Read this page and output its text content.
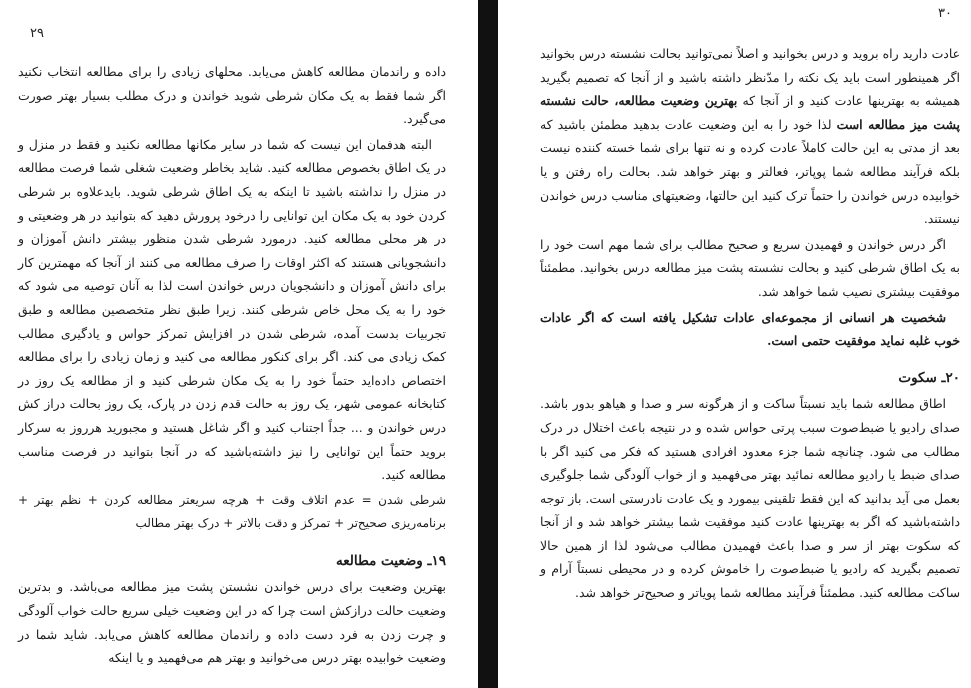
۲۹

داده و راندمان مطالعه کاهش می‌یابد. محلهای زیادی را برای مطالعه انتخاب نکنید اگر شما فقط به یک مکان شرطی شوید خواندن و درک مطلب بسیار بهتر صورت می‌گیرد.

البته هدفمان این نیست که شما در سایر مکانها مطالعه نکنید و فقط در منزل و در یک اطاق بخصوص مطالعه کنید. شاید بخاطر وضعیت شغلی شما فرصت مطالعه در منزل را نداشته باشید تا اینکه به یک اطاق شرطی شوید. بایدعلاوه بر شرطی کردن خود به یک مکان این توانایی را درخود پرورش دهید که بتوانید در هر وضعیتی و در هر محلی مطالعه کنید. درمورد شرطی شدن منظور بیشتر دانش آموزان و دانشجویانی هستند که اکثر اوقات را صرف مطالعه می کنند از آنجا که مهمترین کار برای دانش آموزان و دانشجویان درس خواندن است لذا به آنان توصیه می شود که خود را به یک محل خاص شرطی کنند. زیرا طبق نظر متخصصین مطالعه و طبق تجربیات بدست آمده، شرطی شدن در افزایش تمرکز حواس و یادگیری مطالب کمک زیادی می کند. اگر برای کنکور مطالعه می کنید و زمان زیادی را برای مطالعه اختصاص داده‌اید حتماً خود را به یک مکان شرطی کنید و از مطالعه یک روز در کتابخانه عمومی شهر، یک روز به حالت قدم زدن در پارک، یک روز بحالت دراز کش درس خواندن و ... جداً اجتناب کنید و اگر شاغل هستید و مجبورید هرروز به سرکار بروید حتماً این توانایی را نیز داشته‌باشید که در آنجا بتوانید در فرصت مناسب مطالعه کنید.

شرطی شدن = عدم اتلاف وقت + هرچه سریعتر مطالعه کردن + نظم بهتر + برنامه‌ریزی صحیح‌تر + تمرکز و دقت بالاتر + درک بهتر مطالب

۱۹ـ وضعیت مطالعه

بهترین وضعیت برای درس خواندن نشستن پشت میز مطالعه می‌باشد. و بدترین وضعیت حالت درازکش است چرا که در این وضعیت خیلی سریع حالت خواب آلودگی و چرت زدن به فرد دست داده و راندمان مطالعه کاهش می‌یابد. شاید شما در وضعیت خوابیده بهتر درس می‌خوانید و بهتر هم می‌فهمید و یا اینکه

۳۰

عادت دارید راه بروید و درس بخوانید و اصلاً نمی‌توانید بحالت نشسته درس بخوانید اگر همینطور است باید یک نکته را مدّنظر داشته باشید و از آنجا که تصمیم بگیرید همیشه به بهترینها عادت کنید و از آنجا که بهترین وضعیت مطالعه، حالت نشسته پشت میز مطالعه است لذا خود را به این وضعیت عادت بدهید مطمئن باشید که بعد از مدتی به این حالت کاملاً عادت کرده و نه تنها برای شما خسته کننده نیست بلکه فرآیند مطالعه شما پوپاتر، فعالتر و بهتر خواهد شد. بحالت راه رفتن و یا خوابیده درس خواندن را حتماً ترک کنید این حالتها، وضعیتهای مناسب درس خواندن نیستند.

اگر درس خواندن و فهمیدن سریع و صحیح مطالب برای شما مهم است خود را به یک اطاق شرطی کنید و بحالت نشسته پشت میز مطالعه درس بخوانید. مطمئناً موفقیت بیشتری نصیب شما خواهد شد.

شخصیت هر انسانی از مجموعه‌ای عادات تشکیل یافته است که اگر عادات خوب غلبه نماید موفقیت حتمی است.

۲۰ـ سکوت

اطاق مطالعه شما باید نسبتاً ساکت و از هرگونه سر و صدا و هیاهو بدور باشد. صدای رادیو یا ضبط‌صوت سبب پرتی حواس شده و در نتیجه باعث اختلال در درک مطالب می شود. چنانچه شما جزء معدود افرادی هستید که فکر می کنید اگر با صدای ضبط یا رادیو مطالعه نمائید بهتر می‌فهمید و از خواب آلودگی شما جلوگیری بعمل می آید بدانید که این فقط تلقینی بیمورد و یک عادت نادرستی است. باز توجه داشته‌باشید که اگر به بهترینها عادت کنید موفقیت شما بیشتر خواهد شد و از آنجا که سکوت بهتر از سر و صدا باعث فهمیدن مطالب می‌شود لذا از همین حالا تصمیم بگیرید که رادیو یا ضبط‌صوت را خاموش کرده و در محیطی نسبتاً آرام و ساکت مطالعه کنید. مطمئناً فرآیند مطالعه شما پویاتر و صحیح‌تر خواهد شد.
